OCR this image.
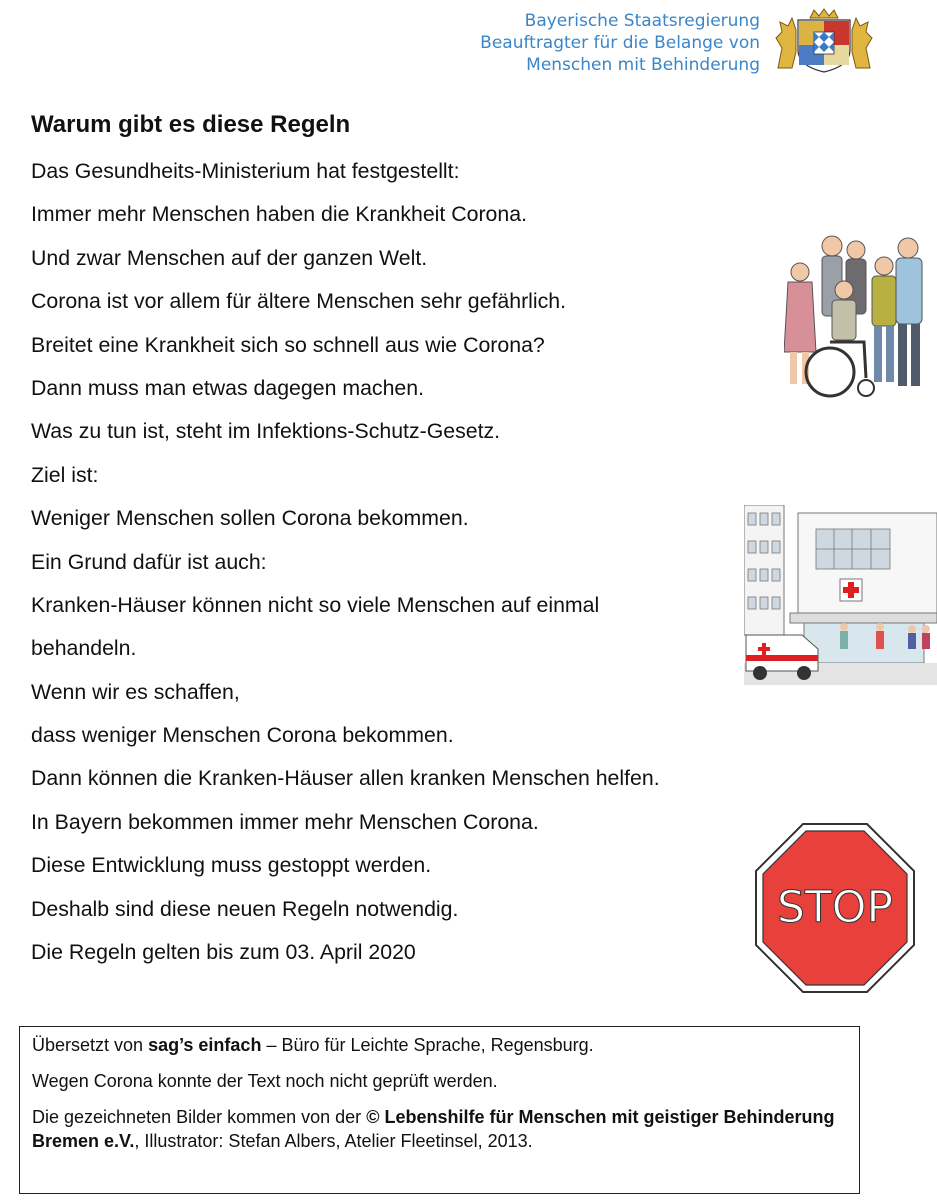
Bayerische Staatsregierung
Beauftragter für die Belange von
Menschen mit Behinderung
Warum gibt es diese Regeln
Das Gesundheits-Ministerium hat festgestellt:
Immer mehr Menschen haben die Krankheit Corona.
Und zwar Menschen auf der ganzen Welt.
Corona ist vor allem für ältere Menschen sehr gefährlich.
Breitet eine Krankheit sich so schnell aus wie Corona?
Dann muss man etwas dagegen machen.
Was zu tun ist, steht im Infektions-Schutz-Gesetz.
Ziel ist:
Weniger Menschen sollen Corona bekommen.
Ein Grund dafür ist auch:
Kranken-Häuser können nicht so viele Menschen auf einmal
behandeln.
Wenn wir es schaffen,
dass weniger Menschen Corona bekommen.
Dann können die Kranken-Häuser allen kranken Menschen helfen.
In Bayern bekommen immer mehr Menschen Corona.
Diese Entwicklung muss gestoppt werden.
Deshalb sind diese neuen Regeln notwendig.
Die Regeln gelten bis zum 03. April 2020
STOP

Übersetzt von sag’s einfach – Büro für Leichte Sprache, Regensburg.

Wegen Corona konnte der Text noch nicht geprüft werden.

Die gezeichneten Bilder kommen von der © Lebenshilfe für Menschen mit geistiger Behinderung Bremen e.V., Illustrator: Stefan Albers, Atelier Fleetinsel, 2013.
